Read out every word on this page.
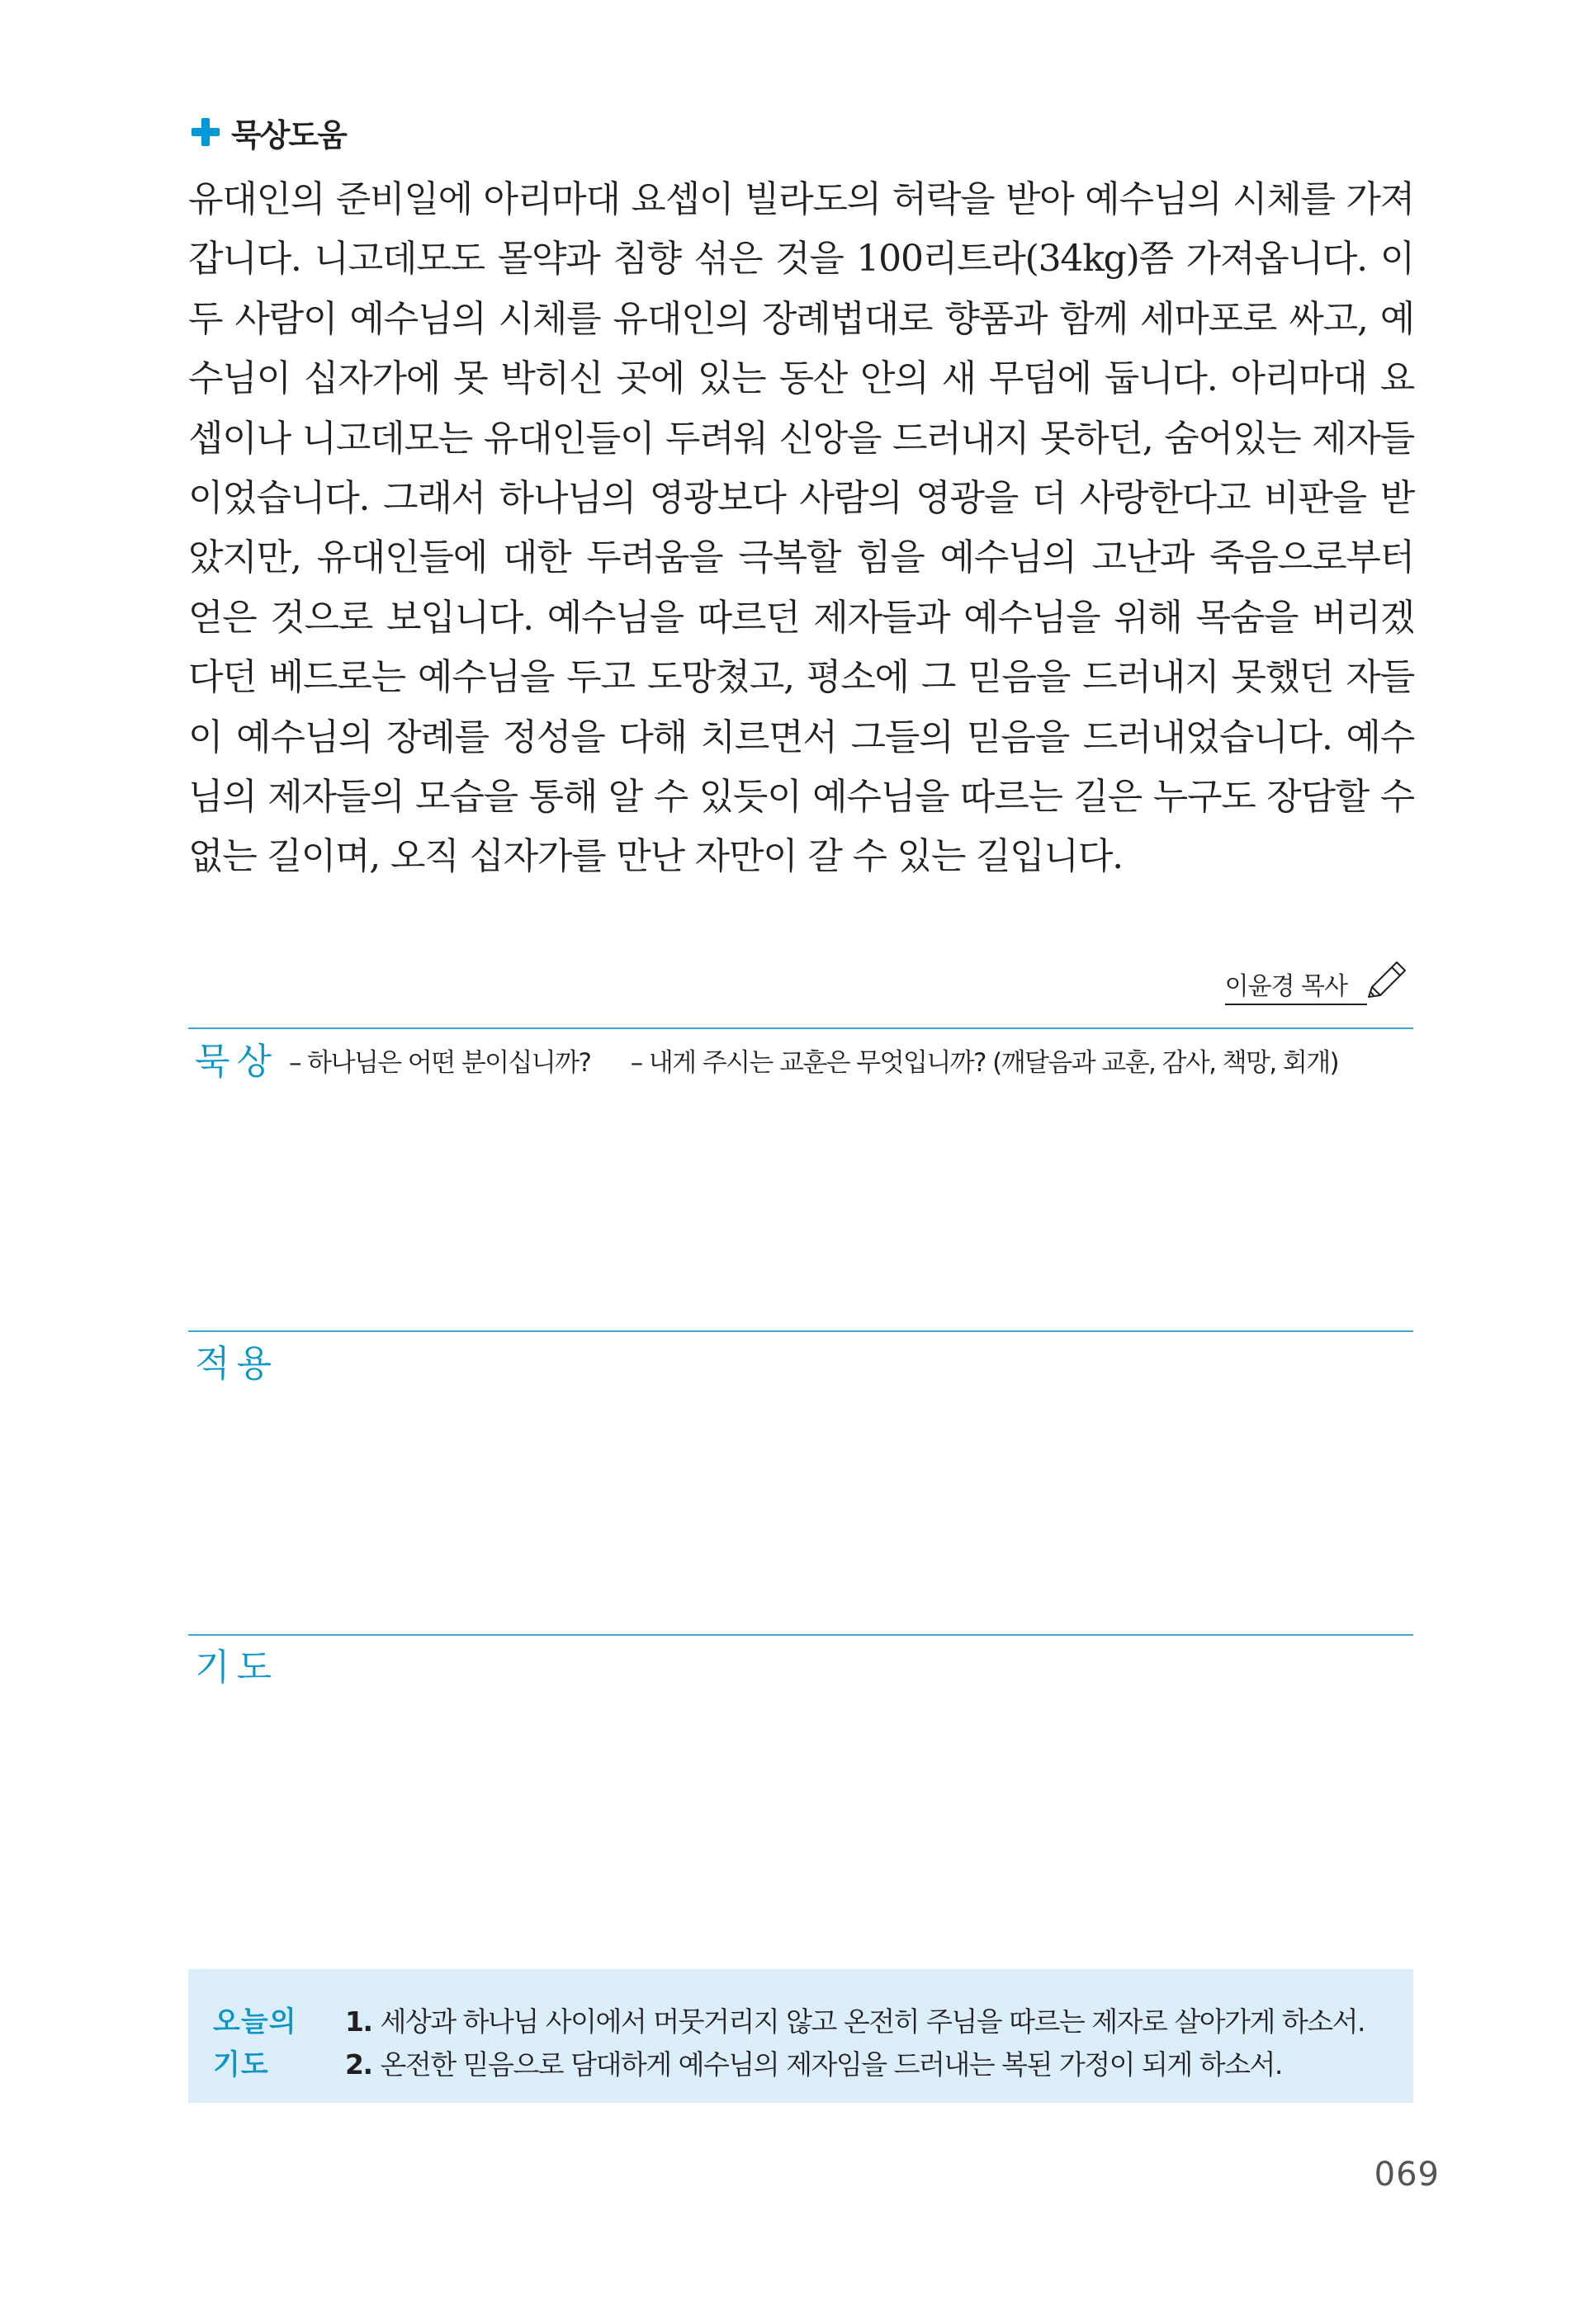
묵상도움

유대인의 준비일에 아리마대 요셉이 빌라도의 허락을 받아 예수님의 시체를 가져갑니다. 니고데모도 몰약과 침향 섞은 것을 100리트라(34kg)쯤 가져옵니다. 이 두 사람이 예수님의 시체를 유대인의 장례법대로 향품과 함께 세마포로 싸고, 예수님이 십자가에 못 박히신 곳에 있는 동산 안의 새 무덤에 둡니다. 아리마대 요셉이나 니고데모는 유대인들이 두려워 신앙을 드러내지 못하던, 숨어있는 제자들이었습니다. 그래서 하나님의 영광보다 사람의 영광을 더 사랑한다고 비판을 받았지만, 유대인들에 대한 두려움을 극복할 힘을 예수님의 고난과 죽음으로부터 얻은 것으로 보입니다. 예수님을 따르던 제자들과 예수님을 위해 목숨을 버리겠다던 베드로는 예수님을 두고 도망쳤고, 평소에 그 믿음을 드러내지 못했던 자들이 예수님의 장례를 정성을 다해 치르면서 그들의 믿음을 드러내었습니다. 예수님의 제자들의 모습을 통해 알 수 있듯이 예수님을 따르는 길은 누구도 장담할 수 없는 길이며, 오직 십자가를 만난 자만이 갈 수 있는 길입니다.

이윤경 목사
묵상 – 하나님은 어떤 분이십니까? – 내게 주시는 교훈은 무엇입니까? (깨달음과 교훈, 감사, 책망, 회개)
적용
기도
오늘의
기도
1. 세상과 하나님 사이에서 머뭇거리지 않고 온전히 주님을 따르는 제자로 살아가게 하소서.
2. 온전한 믿음으로 담대하게 예수님의 제자임을 드러내는 복된 가정이 되게 하소서.
069
